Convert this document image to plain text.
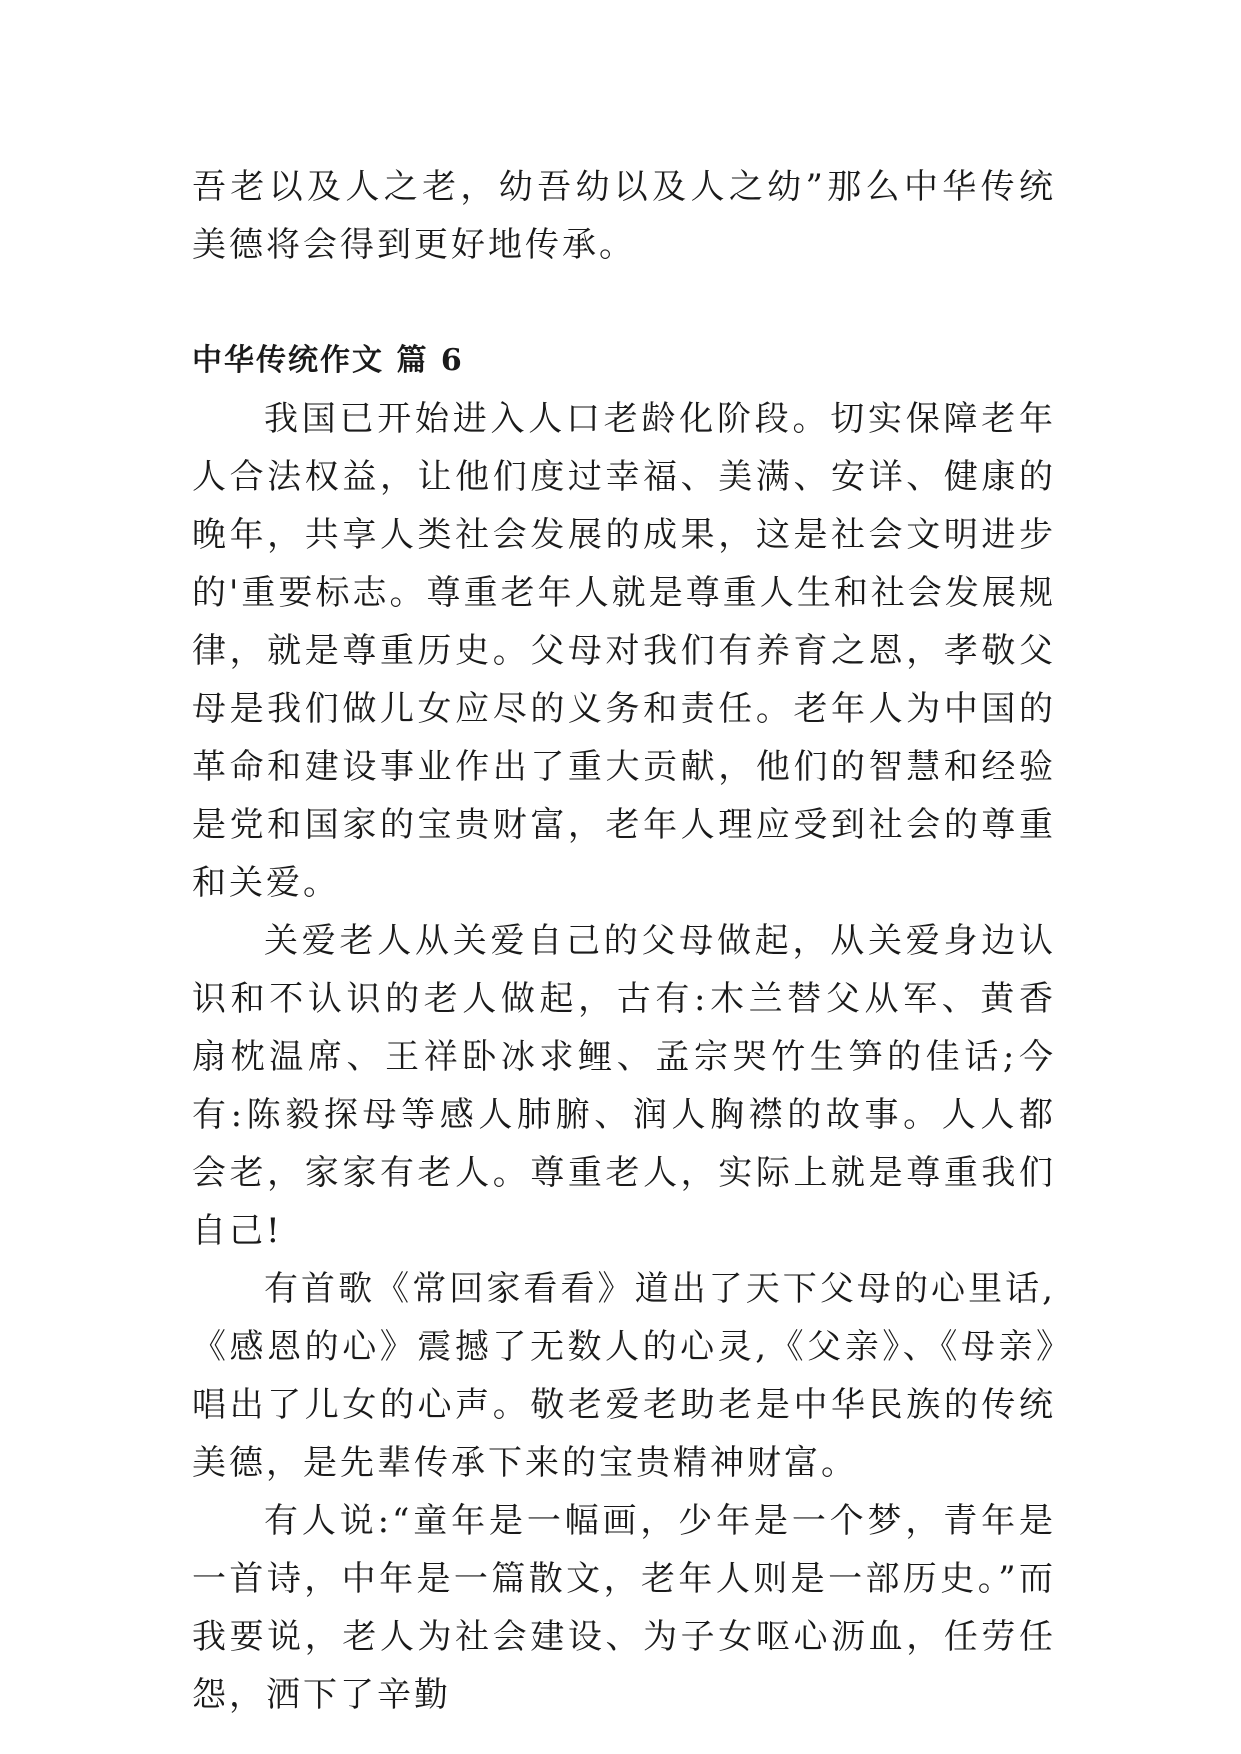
吾老以及人之老，幼吾幼以及人之幼”那么中华传统美德将会得到更好地传承。

中华传统作文 篇 6

我国已开始进入人口老龄化阶段。切实保障老年人合法权益，让他们度过幸福、美满、安详、健康的晚年，共享人类社会发展的成果，这是社会文明进步的'重要标志。尊重老年人就是尊重人生和社会发展规律，就是尊重历史。父母对我们有养育之恩，孝敬父母是我们做儿女应尽的义务和责任。老年人为中国的革命和建设事业作出了重大贡献，他们的智慧和经验是党和国家的宝贵财富，老年人理应受到社会的尊重和关爱。

关爱老人从关爱自己的父母做起，从关爱身边认识和不认识的老人做起，古有:木兰替父从军、黄香扇枕温席、王祥卧冰求鲤、孟宗哭竹生笋的佳话;今有:陈毅探母等感人肺腑、润人胸襟的故事。人人都会老，家家有老人。尊重老人，实际上就是尊重我们自己!

有首歌《常回家看看》道出了天下父母的心里话,《感恩的心》震撼了无数人的心灵,《父亲》、《母亲》唱出了儿女的心声。敬老爱老助老是中华民族的传统美德，是先辈传承下来的宝贵精神财富。

有人说:“童年是一幅画，少年是一个梦，青年是一首诗，中年是一篇散文，老年人则是一部历史。”而我要说，老人为社会建设、为子女呕心沥血，任劳任怨，洒下了辛勤
